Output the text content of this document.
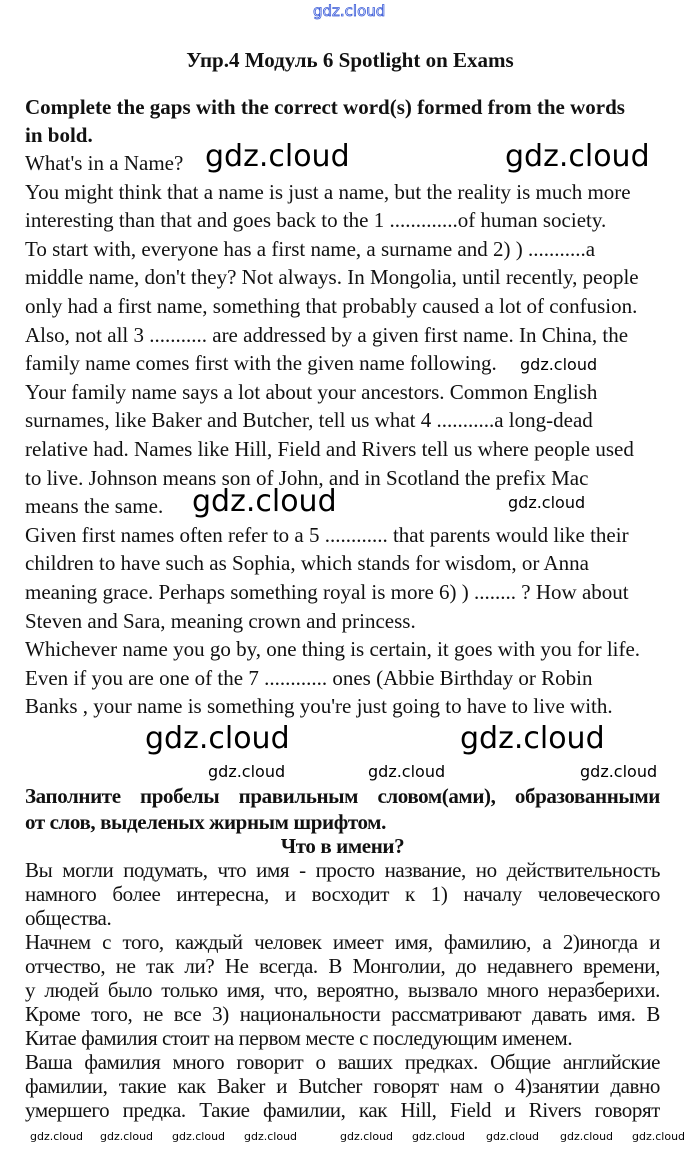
gdz.cloud
Упр.4 Модуль 6 Spotlight on Exams
Complete the gaps with the correct word(s) formed from the words
in bold.
What's in a Name?
You might think that a name is just a name, but the reality is much more
interesting than that and goes back to the 1 .............of human society.
To start with, everyone has a first name, a surname and 2) ) ...........a
middle name, don't they? Not always. In Mongolia, until recently, people
only had a first name, something that probably caused a lot of confusion.
Also, not all 3 ........... are addressed by a given first name. In China, the
family name comes first with the given name following.
Your family name says a lot about your ancestors. Common English
surnames, like Baker and Butcher, tell us what 4 ...........a long-dead
relative had. Names like Hill, Field and Rivers tell us where people used
to live. Johnson means son of John, and in Scotland the prefix Mac
means the same.
Given first names often refer to a 5 ............ that parents would like their
children to have such as Sophia, which stands for wisdom, or Anna
meaning grace. Perhaps something royal is more 6) ) ........ ? How about
Steven and Sara, meaning crown and princess.
Whichever name you go by, one thing is certain, it goes with you for life.
Even if you are one of the 7 ............ ones (Abbie Birthday or Robin
Banks , your name is something you're just going to have to live with.
Вы могли подумать, что имя - просто название, но действительность
намного более интересна, и восходит к 1) началу человеческого
общества.
Начнем с того, каждый человек имеет имя, фамилию, а 2)иногда и
отчество, не так ли? Не всегда. В Монголии, до недавнего времени,
у людей было только имя, что, вероятно, вызвало много неразберихи.
Кроме того, не все 3) национальности рассматривают давать имя. В
Китае фамилия стоит на первом месте с последующим именем.
Ваша фамилия много говорит о ваших предках. Общие английские
фамилии, такие как Baker и Butcher говорят нам о 4)занятии давно
умершего предка. Такие фамилии, как Hill, Field и Rivers говорят
Заполните пробелы правильным словом(ами), образованными
от слов, выделеных жирным шрифтом.
Что в имени?
gdz.cloud	gdz.cloud
gdz.cloud
gdz.cloud	gdz.cloud
gdz.cloud	gdz.cloud
gdz.cloud	gdz.cloud	gdz.cloud
gdz.cloud gdz.cloud gdz.cloud gdz.cloud	gdz.cloud gdz.cloud gdz.cloud gdz.cloud gdz.cloud
